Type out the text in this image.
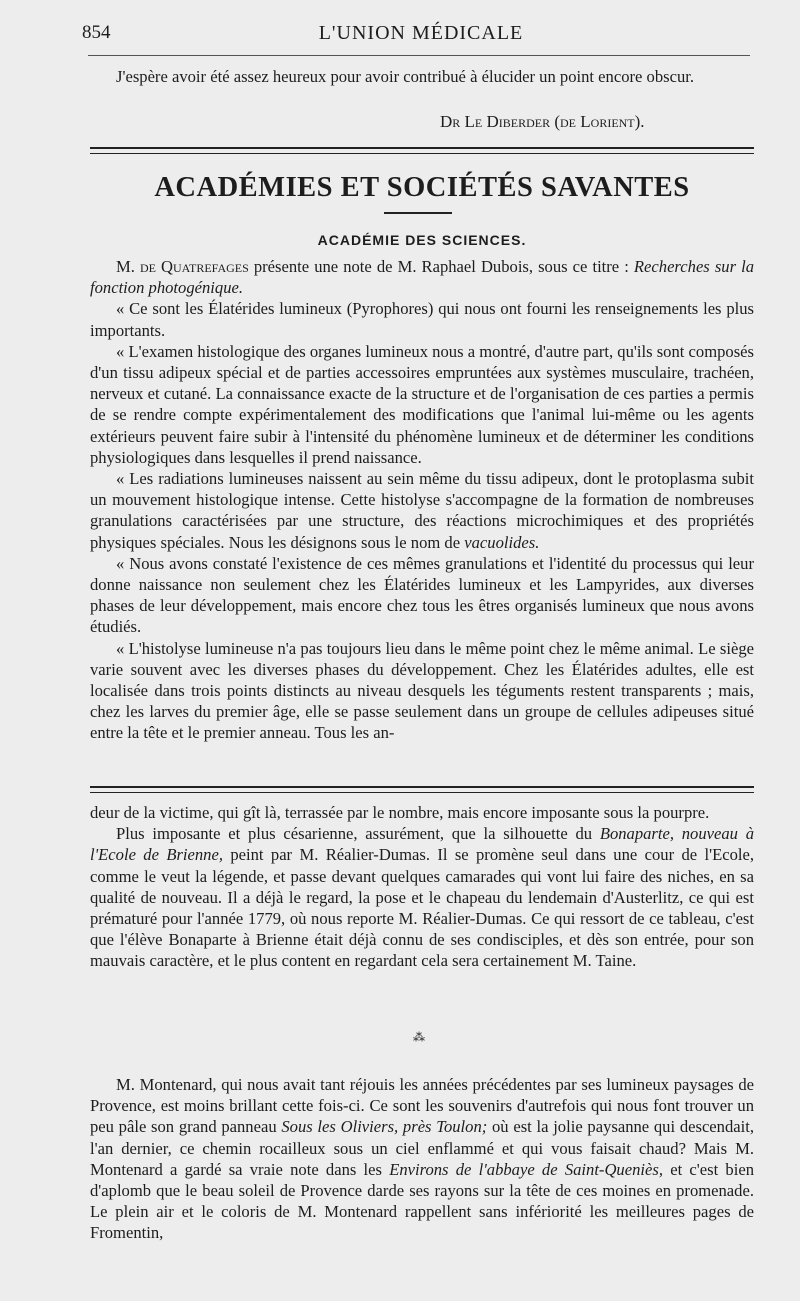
854	L'UNION MÉDICALE

J'espère avoir été assez heureux pour avoir contribué à élucider un point encore obscur.

Dr Le Diberder (de Lorient).
ACADÉMIES ET SOCIÉTÉS SAVANTES
ACADÉMIE DES SCIENCES.

M. de Quatrefages présente une note de M. Raphael Dubois, sous ce titre : Recherches sur la fonction photogénique.

« Ce sont les Élatérides lumineux (Pyrophores) qui nous ont fourni les renseignements les plus importants.

« L'examen histologique des organes lumineux nous a montré, d'autre part, qu'ils sont composés d'un tissu adipeux spécial et de parties accessoires empruntées aux systèmes musculaire, trachéen, nerveux et cutané. La connaissance exacte de la structure et de l'organisation de ces parties a permis de se rendre compte expérimentalement des modifications que l'animal lui-même ou les agents extérieurs peuvent faire subir à l'intensité du phénomène lumineux et de déterminer les conditions physiologiques dans lesquelles il prend naissance.

« Les radiations lumineuses naissent au sein même du tissu adipeux, dont le protoplasma subit un mouvement histologique intense. Cette histolyse s'accompagne de la formation de nombreuses granulations caractérisées par une structure, des réactions microchimiques et des propriétés physiques spéciales. Nous les désignons sous le nom de vacuolides.

« Nous avons constaté l'existence de ces mêmes granulations et l'identité du processus qui leur donne naissance non seulement chez les Élatérides lumineux et les Lampyrides, aux diverses phases de leur développement, mais encore chez tous les êtres organisés lumineux que nous avons étudiés.

« L'histolyse lumineuse n'a pas toujours lieu dans le même point chez le même animal. Le siège varie souvent avec les diverses phases du développement. Chez les Élatérides adultes, elle est localisée dans trois points distincts au niveau desquels les téguments restent transparents ; mais, chez les larves du premier âge, elle se passe seulement dans un groupe de cellules adipeuses situé entre la tête et le premier anneau. Tous les an-

deur de la victime, qui gît là, terrassée par le nombre, mais encore imposante sous la pourpre.

Plus imposante et plus césarienne, assurément, que la silhouette du Bonaparte, nouveau à l'Ecole de Brienne, peint par M. Réalier-Dumas. Il se promène seul dans une cour de l'Ecole, comme le veut la légende, et passe devant quelques camarades qui vont lui faire des niches, en sa qualité de nouveau. Il a déjà le regard, la pose et le chapeau du lendemain d'Austerlitz, ce qui est prématuré pour l'année 1779, où nous reporte M. Réalier-Dumas. Ce qui ressort de ce tableau, c'est que l'élève Bonaparte à Brienne était déjà connu de ses condisciples, et dès son entrée, pour son mauvais caractère, et le plus content en regardant cela sera certainement M. Taine.

⁂

M. Montenard, qui nous avait tant réjouis les années précédentes par ses lumineux paysages de Provence, est moins brillant cette fois-ci. Ce sont les souvenirs d'autrefois qui nous font trouver un peu pâle son grand panneau Sous les Oliviers, près Toulon; où est la jolie paysanne qui descendait, l'an dernier, ce chemin rocailleux sous un ciel enflammé et qui vous faisait chaud? Mais M. Montenard a gardé sa vraie note dans les Environs de l'abbaye de Saint-Queniès, et c'est bien d'aplomb que le beau soleil de Provence darde ses rayons sur la tête de ces moines en promenade. Le plein air et le coloris de M. Montenard rappellent sans infériorité les meilleures pages de Fromentin,
